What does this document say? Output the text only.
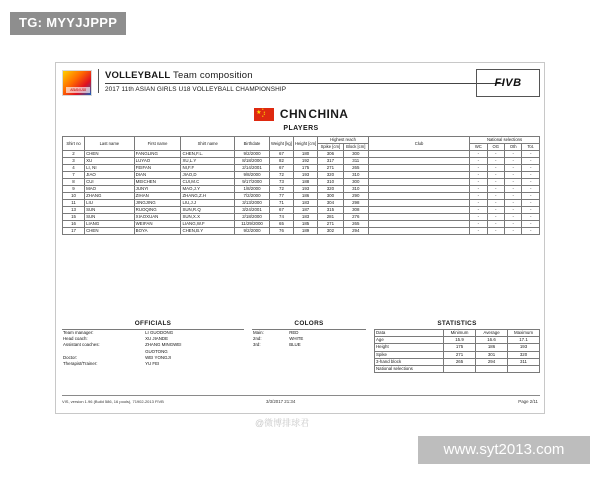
TG: MYYJJPPP
ASIAN U18
VOLLEYBALL Team composition
2017 11th ASIAN GIRLS U18 VOLLEYBALL CHAMPIONSHIP
FIVB
★
★
★
★
★ CHN CHINA
PLAYERS
Shirt no	Last name	First name	Shirt name	Birthdate	Weight [kg]	Height [cm]	Highest reach		Club	National selections			
							Spike [cm]	Block [cm]		WC	OG	Oth	Tot.
2	CHEN	FANGLING	CHEN,F.L.	9/2/2000	67	180	306	300		-	-	-	-
3	XU	LUYAO	XU,L.Y	8/18/2000	82	192	317	311		-	-	-	-
4	LI, NI	FEIFAN	NI,F.F	2/14/2001	67	175	271	265		-	-	-	-
7	JIAO	DIAN	JIAO,D	9/8/2000	72	193	320	310		-	-	-	-
8	CUI	MEICHEN	CUI,M.C	9/17/2000	73	188	310	300		-	-	-	-
9	MAO	JUNYI	MAO,J.Y	1/8/2000	72	193	320	310		-	-	-	-
10	ZHANG	ZIHAN	ZHANG,Z.H	7/2/2000	77	186	300	290		-	-	-	-
11	LIU	JINGJING	LIU,J.J	3/13/2000	71	183	304	298		-	-	-	-
13	SUN	RUOQING	SUN,R.Q	3/24/2001	67	187	315	308		-	-	-	-
15	SUN	XIAOXUAN	SUN,X.X	2/18/2000	74	183	281	276		-	-	-	-
16	LIANG	WEIFAN	LIANG,W.F	11/29/2000	65	185	271	265		-	-	-	-
17	CHEN	BOYA	CHEN,B.Y	9/2/2000	76	189	302	294		-	-	-	-
OFFICIALS
Team manager:	LI GUODONG
Head coach:	XU JIANDE
Assistant coaches:	ZHANG MINGWEI
	GUOTONG
Doctor:	WEI YONGJI
Therapist/Trainer:	YU FEI
COLORS
Main:	RED
2nd:	WHITE
3rd:	BLUE
STATISTICS
Data	Minimum	Average	Maximum
Age	15.9	16.6	17.1
Height	175	186	193
Spike	271	301	320
3-hand block	265	294	311
National selections			
VIS, version 1.96 (Build 586, 16 pools), 71902-2013 FIVB	3/3/2017 21:34	Page 2/11
@微博排球君
www.syt2013.com
